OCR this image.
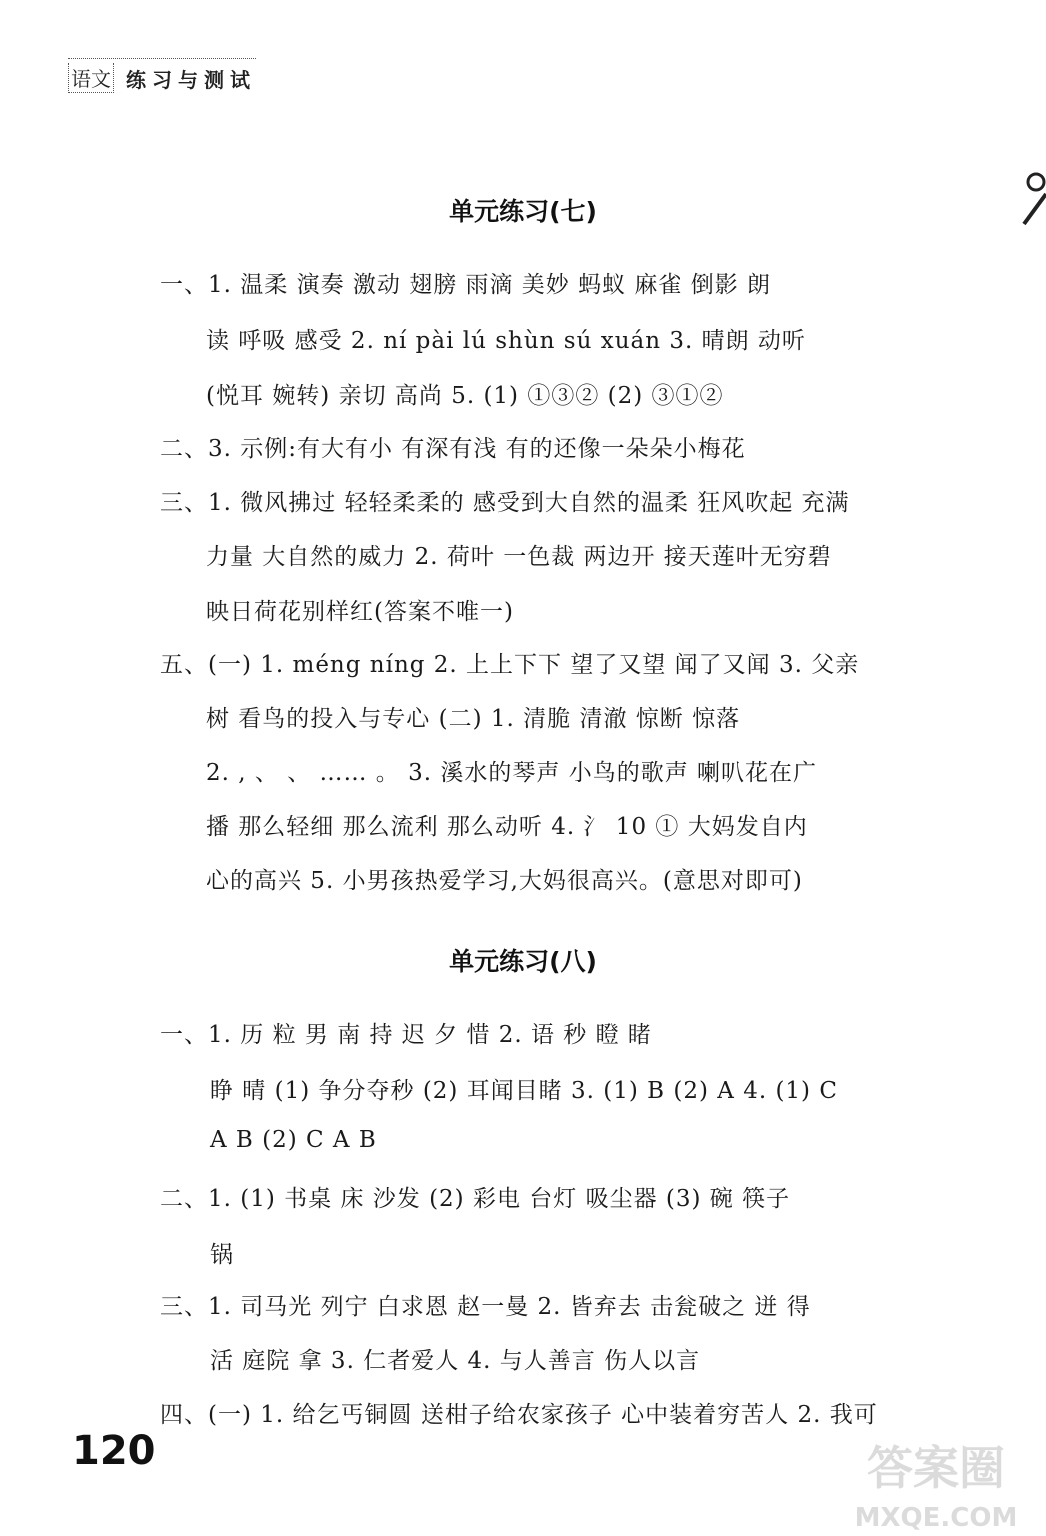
语文 练习与测试
单元练习(七)
一、1. 温柔 演奏 激动 翅膀 雨滴 美妙 蚂蚁 麻雀 倒影 朗
读 呼吸 感受 2. ní pài lú shùn sú xuán 3. 晴朗 动听
(悦耳 婉转) 亲切 高尚 5. (1) ①③② (2) ③①②
二、3. 示例:有大有小 有深有浅 有的还像一朵朵小梅花
三、1. 微风拂过 轻轻柔柔的 感受到大自然的温柔 狂风吹起 充满
力量 大自然的威力 2. 荷叶 一色裁 两边开 接天莲叶无穷碧
映日荷花别样红(答案不唯一)
五、(一) 1. méng níng 2. 上上下下 望了又望 闻了又闻 3. 父亲
树 看鸟的投入与专心 (二) 1. 清脆 清澈 惊断 惊落
2. , 、 、 …… 。 3. 溪水的琴声 小鸟的歌声 喇叭花在广
播 那么轻细 那么流利 那么动听 4. 氵 10 ① 大妈发自内
心的高兴 5. 小男孩热爱学习,大妈很高兴。(意思对即可)
单元练习(八)
一、1. 历 粒 男 南 持 迟 夕 惜 2. 语 秒 瞪 睹
睁 晴 (1) 争分夺秒 (2) 耳闻目睹 3. (1) B (2) A 4. (1) C
A B (2) C A B
二、1. (1) 书桌 床 沙发 (2) 彩电 台灯 吸尘器 (3) 碗 筷子
锅
三、1. 司马光 列宁 白求恩 赵一曼 2. 皆弃去 击瓮破之 迸 得
活 庭院 拿 3. 仁者爱人 4. 与人善言 伤人以言
四、(一) 1. 给乞丐铜圆 送柑子给农家孩子 心中装着穷苦人 2. 我可
120	答案圈
MXQE.COM
